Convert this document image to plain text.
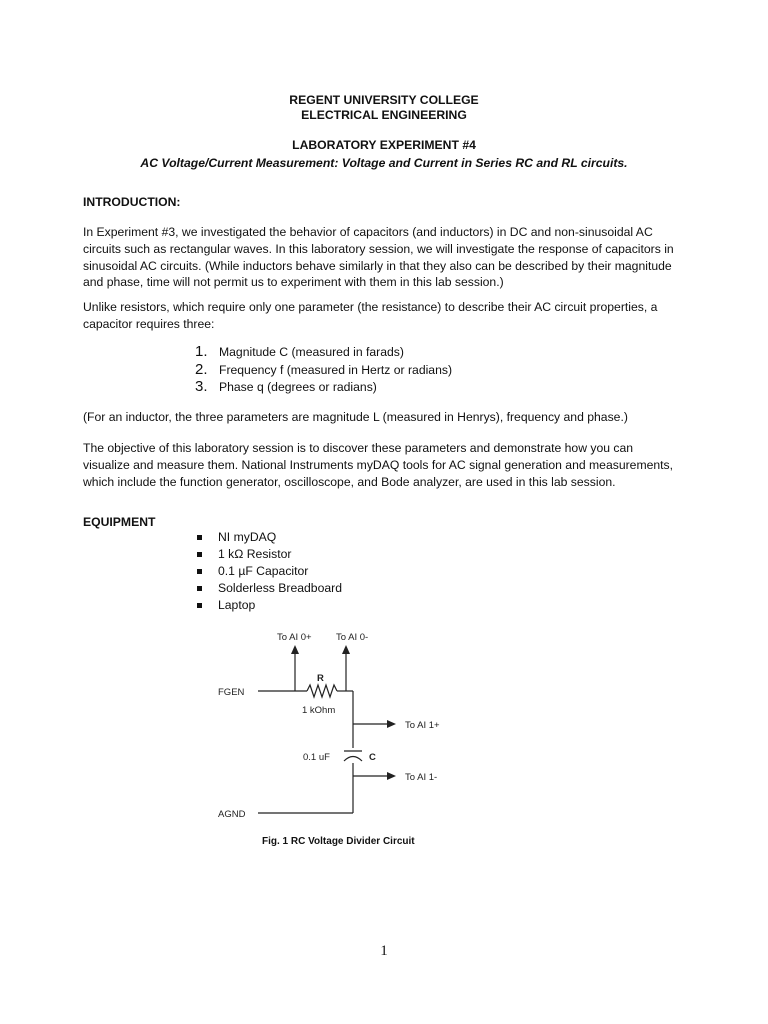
REGENT UNIVERSITY COLLEGE
ELECTRICAL ENGINEERING
LABORATORY EXPERIMENT #4
AC Voltage/Current Measurement: Voltage and Current in Series RC and RL circuits.
INTRODUCTION:

In Experiment #3, we investigated the behavior of capacitors (and inductors) in DC and non-sinusoidal AC circuits such as rectangular waves. In this laboratory session, we will investigate the response of capacitors in sinusoidal AC circuits. (While inductors behave similarly in that they also can be described by their magnitude and phase, time will not permit us to experiment with them in this lab session.)

Unlike resistors, which require only one parameter (the resistance) to describe their AC circuit properties, a capacitor requires three:

1. Magnitude C (measured in farads)
2. Frequency f (measured in Hertz or radians)
3. Phase q (degrees or radians)

(For an inductor, the three parameters are magnitude L (measured in Henrys), frequency and phase.)

The objective of this laboratory session is to discover these parameters and demonstrate how you can visualize and measure them. National Instruments myDAQ tools for AC signal generation and measurements, which include the function generator, oscilloscope, and Bode analyzer, are used in this lab session.

EQUIPMENT
NI myDAQ
1 kΩ Resistor
0.1 µF Capacitor
Solderless Breadboard
Laptop
To AI 0+	To AI 0-
R
FGEN
1 kOhm
To AI 1+
0.1 uF	C
To AI 1-
AGND
Fig. 1 RC Voltage Divider Circuit
1
